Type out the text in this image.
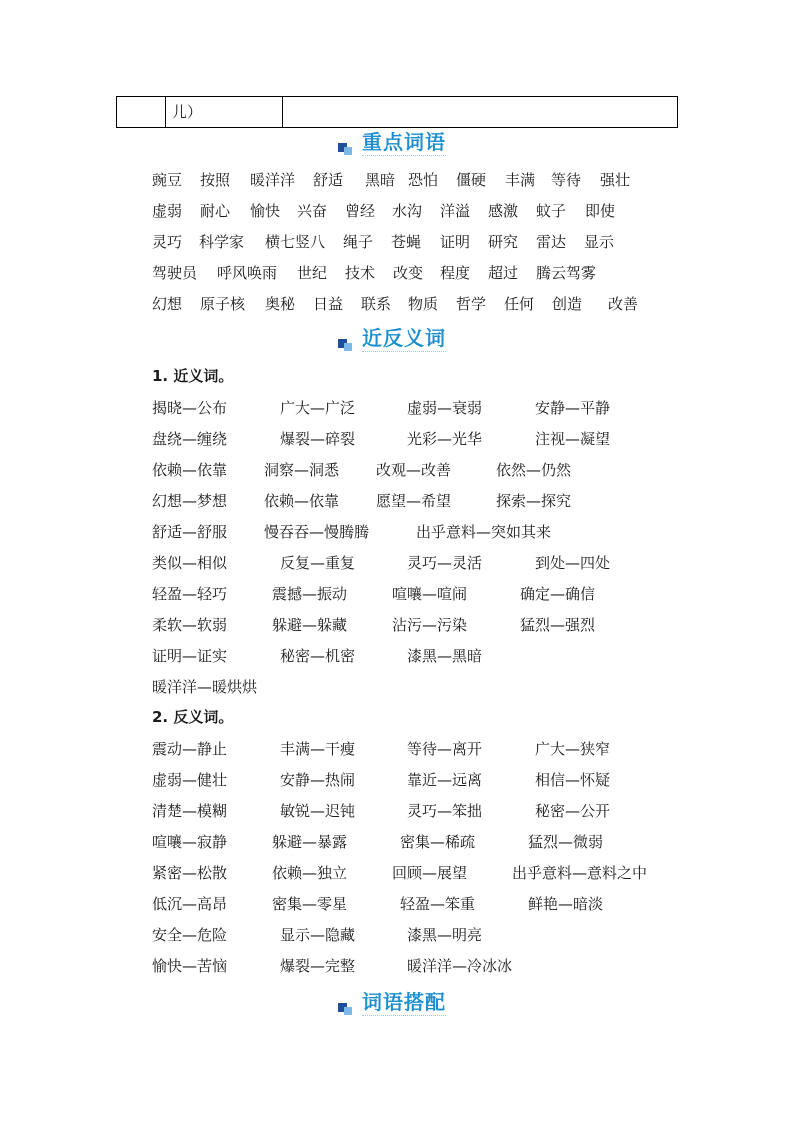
	儿）	
重点词语
豌豆 按照 暖洋洋 舒适 黑暗 恐怕 僵硬 丰满 等待 强壮
虚弱 耐心 愉快 兴奋 曾经 水沟 洋溢 感激 蚊子 即使
灵巧 科学家 横七竖八 绳子 苍蝇 证明 研究 雷达 显示
驾驶员 呼风唤雨 世纪 技术 改变 程度 超过 腾云驾雾
幻想 原子核 奥秘 日益 联系 物质 哲学 任何 创造 改善
近反义词
1. 近义词。
揭晓—公布	广大—广泛	虚弱—衰弱	安静—平静
盘绕—缠绕	爆裂—碎裂	光彩—光华	注视—凝望
依赖—依靠 洞察—洞悉 改观—改善	依然—仍然
幻想—梦想 依赖—依靠 愿望—希望	探索—探究
舒适—舒服 慢吞吞—慢腾腾	出乎意料—突如其来
类似—相似	反复—重复	灵巧—灵活	到处—四处
轻盈—轻巧	震撼—振动	喧嚷—喧闹	确定—确信
柔软—软弱	躲避—躲藏	沾污—污染	猛烈—强烈
证明—证实	秘密—机密	漆黑—黑暗
暖洋洋—暖烘烘
2. 反义词。
震动—静止	丰满—干瘦	等待—离开	广大—狭窄
虚弱—健壮	安静—热闹	靠近—远离	相信—怀疑
清楚—模糊	敏锐—迟钝	灵巧—笨拙	秘密—公开
喧嚷—寂静	躲避—暴露	密集—稀疏	猛烈—微弱
紧密—松散	依赖—独立	回顾—展望	出乎意料—意料之中
低沉—高昂	密集—零星	轻盈—笨重	鲜艳—暗淡
安全—危险	显示—隐藏	漆黑—明亮
愉快—苦恼	爆裂—完整	暖洋洋—冷冰冰
词语搭配
